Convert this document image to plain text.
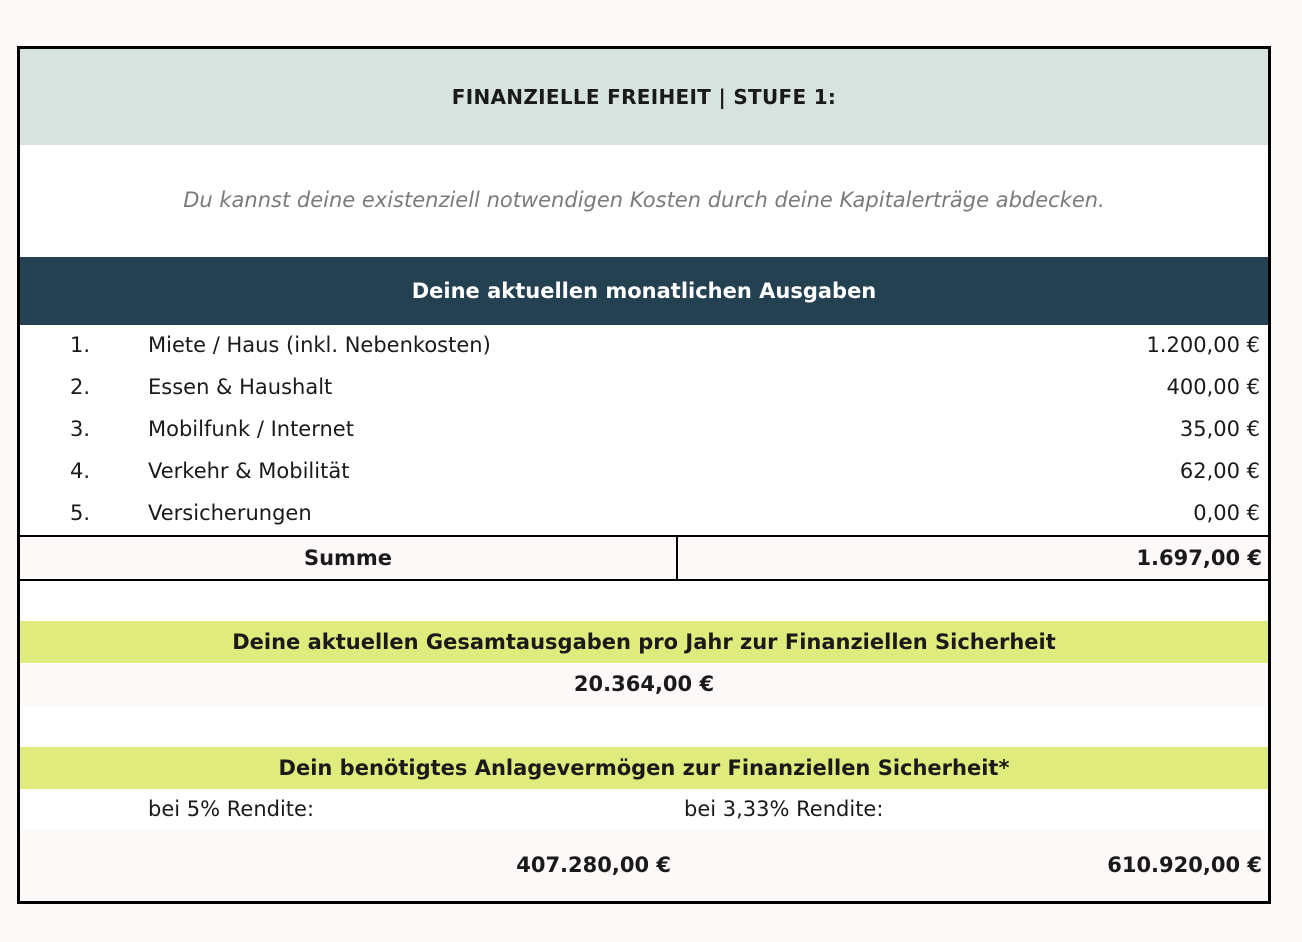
FINANZIELLE FREIHEIT | STUFE 1:
Du kannst deine existenziell notwendigen Kosten durch deine Kapitalerträge abdecken.
Deine aktuellen monatlichen Ausgaben
1.	Miete / Haus (inkl. Nebenkosten)	1.200,00 €
2.	Essen & Haushalt	400,00 €
3.	Mobilfunk / Internet	35,00 €
4.	Verkehr & Mobilität	62,00 €
5.	Versicherungen	0,00 €
Summe	1.697,00 €
Deine aktuellen Gesamtausgaben pro Jahr zur Finanziellen Sicherheit
20.364,00 €
Dein benötigtes Anlagevermögen zur Finanziellen Sicherheit*
bei 5% Rendite:	bei 3,33% Rendite:
407.280,00 €	610.920,00 €
